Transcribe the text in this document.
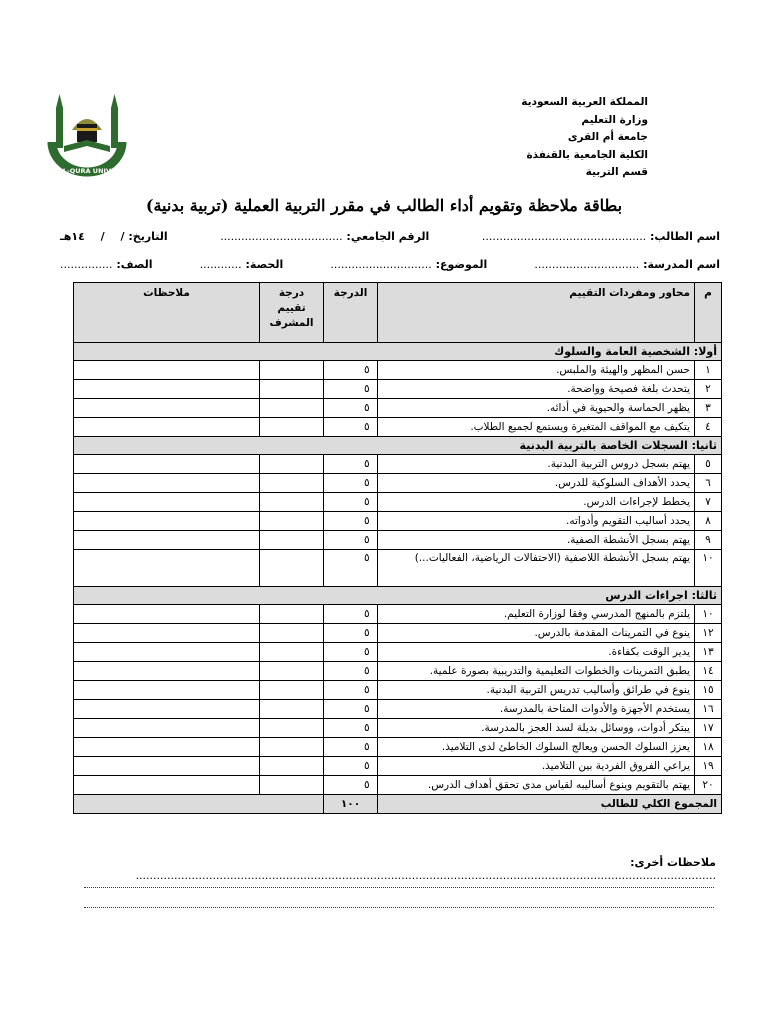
المملكة العربية السعودية
وزارة التعليم
جامعة أم القرى
الكلية الجامعية بالقنفذة
قسم التربية
UMM AL-QURA UNIVERSITY
بطاقة ملاحظة وتقويم أداء الطالب في مقرر التربية العملية (تربية بدنية)
اسم الطالب: ...............................................
الرقم الجامعي: ...................................
التاريخ: / / ١٤هـ
اسم المدرسة: ..............................
الموضوع: .............................
الحصة: ............
الصف: ...............
م	محاور ومفردات التقييم	الدرجة	درجة تقييم المشرف	ملاحظات
أولا: الشخصية العامة والسلوك				
١	حسن المظهر والهيئة والملبس.	٥		
٢	يتحدث بلغة فصيحة وواضحة.	٥		
٣	يظهر الحماسة والحيوية في أدائه.	٥		
٤	يتكيف مع المواقف المتغيرة ويستمع لجميع الطلاب.	٥		
ثانيا: السجلات الخاصة بالتربية البدنية				
٥	يهتم بسجل دروس التربية البدنية.	٥		
٦	يحدد الأهداف السلوكية للدرس.	٥		
٧	يخطط لإجراءات الدرس.	٥		
٨	يحدد أساليب التقويم وأدواته.	٥		
٩	يهتم بسجل الأنشطة الصفية.	٥		
١٠	يهتم بسجل الأنشطة اللاصفية (الاحتفالات الرياضية، الفعاليات...)	٥		
ثالثا: اجراءات الدرس				
١٠	يلتزم بالمنهج المدرسي وفقا لوزارة التعليم.	٥		
١٢	ينوع في التمرينات المقدمة بالدرس.	٥		
١٣	يدير الوقت بكفاءة.	٥		
١٤	يطبق التمرينات والخطوات التعليمية والتدريبية بصورة علمية.	٥		
١٥	ينوع في طرائق وأساليب تدريس التربية البدنية.	٥		
١٦	يستخدم الأجهزة والأدوات المتاحة بالمدرسة.	٥		
١٧	يبتكر أدوات، ووسائل بديلة لسد العجز بالمدرسة.	٥		
١٨	يعزز السلوك الحسن ويعالج السلوك الخاطئ لدى التلاميذ.	٥		
١٩	يراعي الفروق الفردية بين التلاميذ.	٥		
٢٠	يهتم بالتقويم وينوع أساليبه لقياس مدى تحقق أهداف الدرس.	٥		
المجموع الكلي للطالب		١٠٠		
ملاحظات أخرى: ......................................................................................................................................................................
